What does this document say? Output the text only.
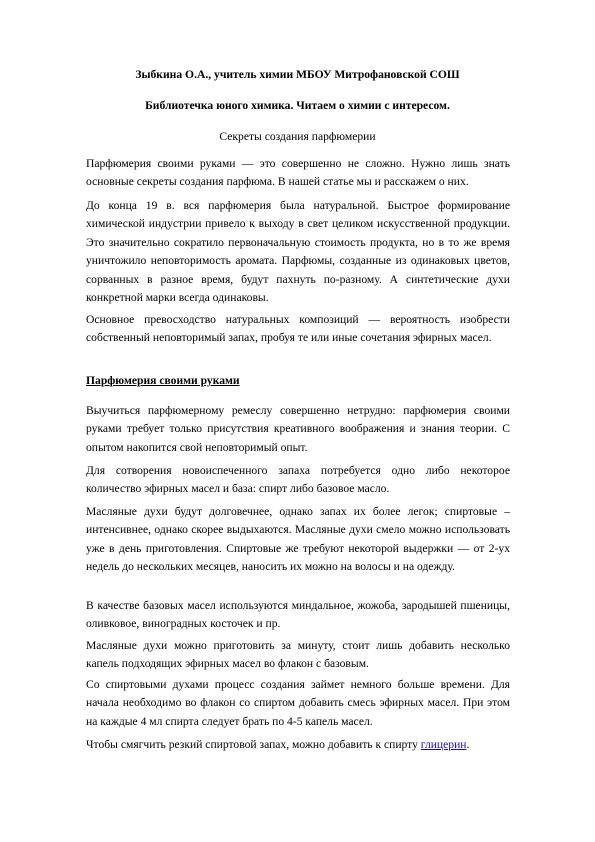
Зыбкина О.А., учитель химии МБОУ Митрофановской СОШ

Библиотечка юного химика. Читаем о химии с интересом.

Секреты создания парфюмерии

Парфюмерия своими руками — это совершенно не сложно. Нужно лишь знать основные секреты создания парфюма. В нашей статье мы и расскажем о них.

До конца 19 в. вся парфюмерия была натуральной. Быстрое формирование химической индустрии привело к выходу в свет целиком искусственной продукции. Это значительно сократило первоначальную стоимость продукта, но в то же время уничтожило неповторимость аромата. Парфюмы, созданные из одинаковых цветов, сорванных в разное время, будут пахнуть по-разному. А синтетические духи конкретной марки всегда одинаковы.

Основное превосходство натуральных композиций — вероятность изобрести собственный неповторимый запах, пробуя те или иные сочетания эфирных масел.

Парфюмерия своими руками

Выучиться парфюмерному ремеслу совершенно нетрудно: парфюмерия своими руками требует только присутствия креативного воображения и знания теории. С опытом накопится свой неповторимый опыт.

Для сотворения новоиспеченного запаха потребуется одно либо некоторое количество эфирных масел и база: спирт либо базовое масло.

Масляные духи будут долговечнее, однако запах их более легок; спиртовые – интенсивнее, однако скорее выдыхаются. Масляные духи смело можно использовать уже в день приготовления. Спиртовые же требуют некоторой выдержки — от 2-ух недель до нескольких месяцев, наносить их можно на волосы и на одежду.

В качестве базовых масел используются миндальное, жожоба, зародышей пшеницы, оливковое, виноградных косточек и пр.

Масляные духи можно приготовить за минуту, стоит лишь добавить несколько капель подходящих эфирных масел во флакон с базовым.

Со спиртовыми духами процесс создания займет немного больше времени. Для начала необходимо во флакон со спиртом добавить смесь эфирных масел. При этом на каждые 4 мл спирта следует брать по 4-5 капель масел.

Чтобы смягчить резкий спиртовой запах, можно добавить к спирту глицерин.
